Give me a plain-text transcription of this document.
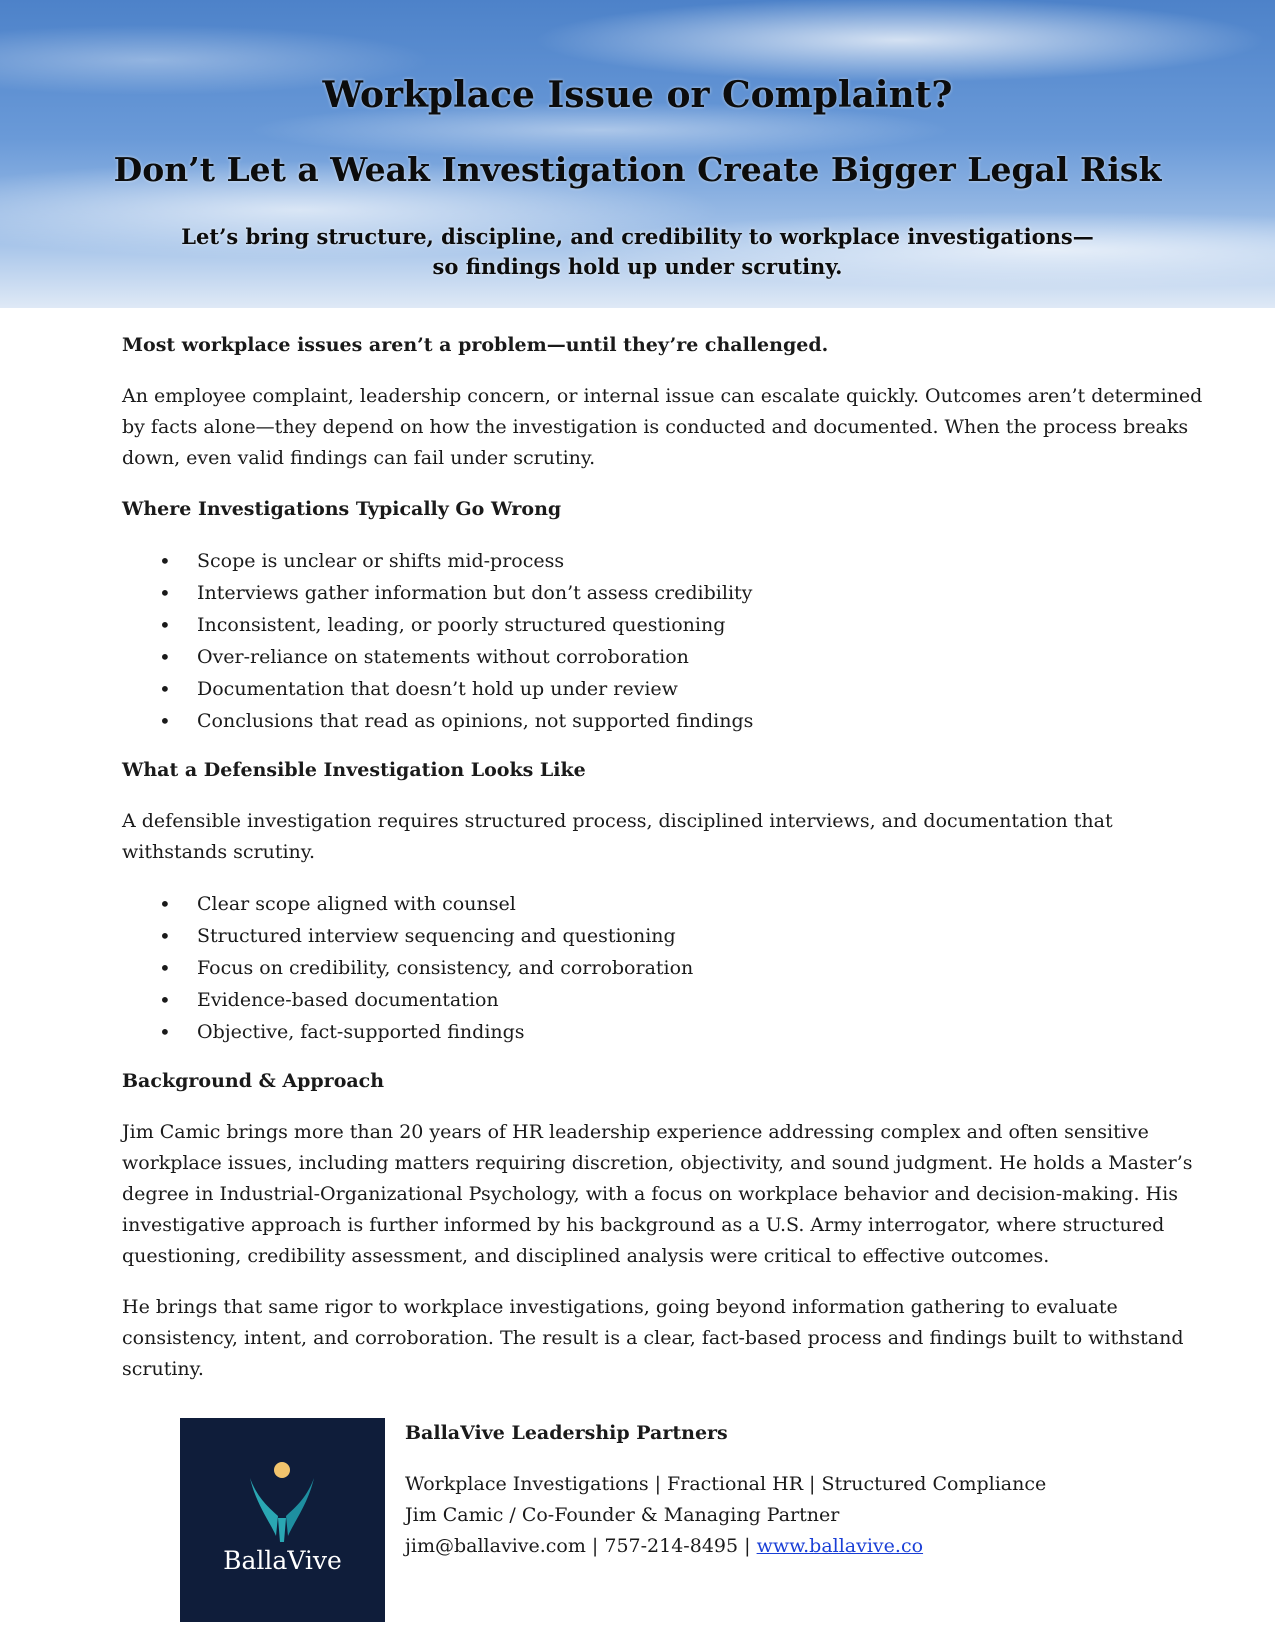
Workplace Issue or Complaint?
Don’t Let a Weak Investigation Create Bigger Legal Risk
Let’s bring structure, discipline, and credibility to workplace investigations—
so findings hold up under scrutiny.

Most workplace issues aren’t a problem—until they’re challenged.

An employee complaint, leadership concern, or internal issue can escalate quickly. Outcomes aren’t determined by facts alone—they depend on how the investigation is conducted and documented. When the process breaks down, even valid findings can fail under scrutiny.

Where Investigations Typically Go Wrong

• Scope is unclear or shifts mid-process
• Interviews gather information but don’t assess credibility
• Inconsistent, leading, or poorly structured questioning
• Over-reliance on statements without corroboration
• Documentation that doesn’t hold up under review
• Conclusions that read as opinions, not supported findings

What a Defensible Investigation Looks Like

A defensible investigation requires structured process, disciplined interviews, and documentation that withstands scrutiny.

• Clear scope aligned with counsel
• Structured interview sequencing and questioning
• Focus on credibility, consistency, and corroboration
• Evidence-based documentation
• Objective, fact-supported findings

Background & Approach

Jim Camic brings more than 20 years of HR leadership experience addressing complex and often sensitive workplace issues, including matters requiring discretion, objectivity, and sound judgment. He holds a Master’s degree in Industrial-Organizational Psychology, with a focus on workplace behavior and decision-making. His investigative approach is further informed by his background as a U.S. Army interrogator, where structured questioning, credibility assessment, and disciplined analysis were critical to effective outcomes.

He brings that same rigor to workplace investigations, going beyond information gathering to evaluate consistency, intent, and corroboration. The result is a clear, fact-based process and findings built to withstand scrutiny.

BallaVive
BallaVive Leadership Partners
Workplace Investigations | Fractional HR | Structured Compliance
Jim Camic / Co-Founder & Managing Partner
jim@ballavive.com | 757-214-8495 | www.ballavive.co
